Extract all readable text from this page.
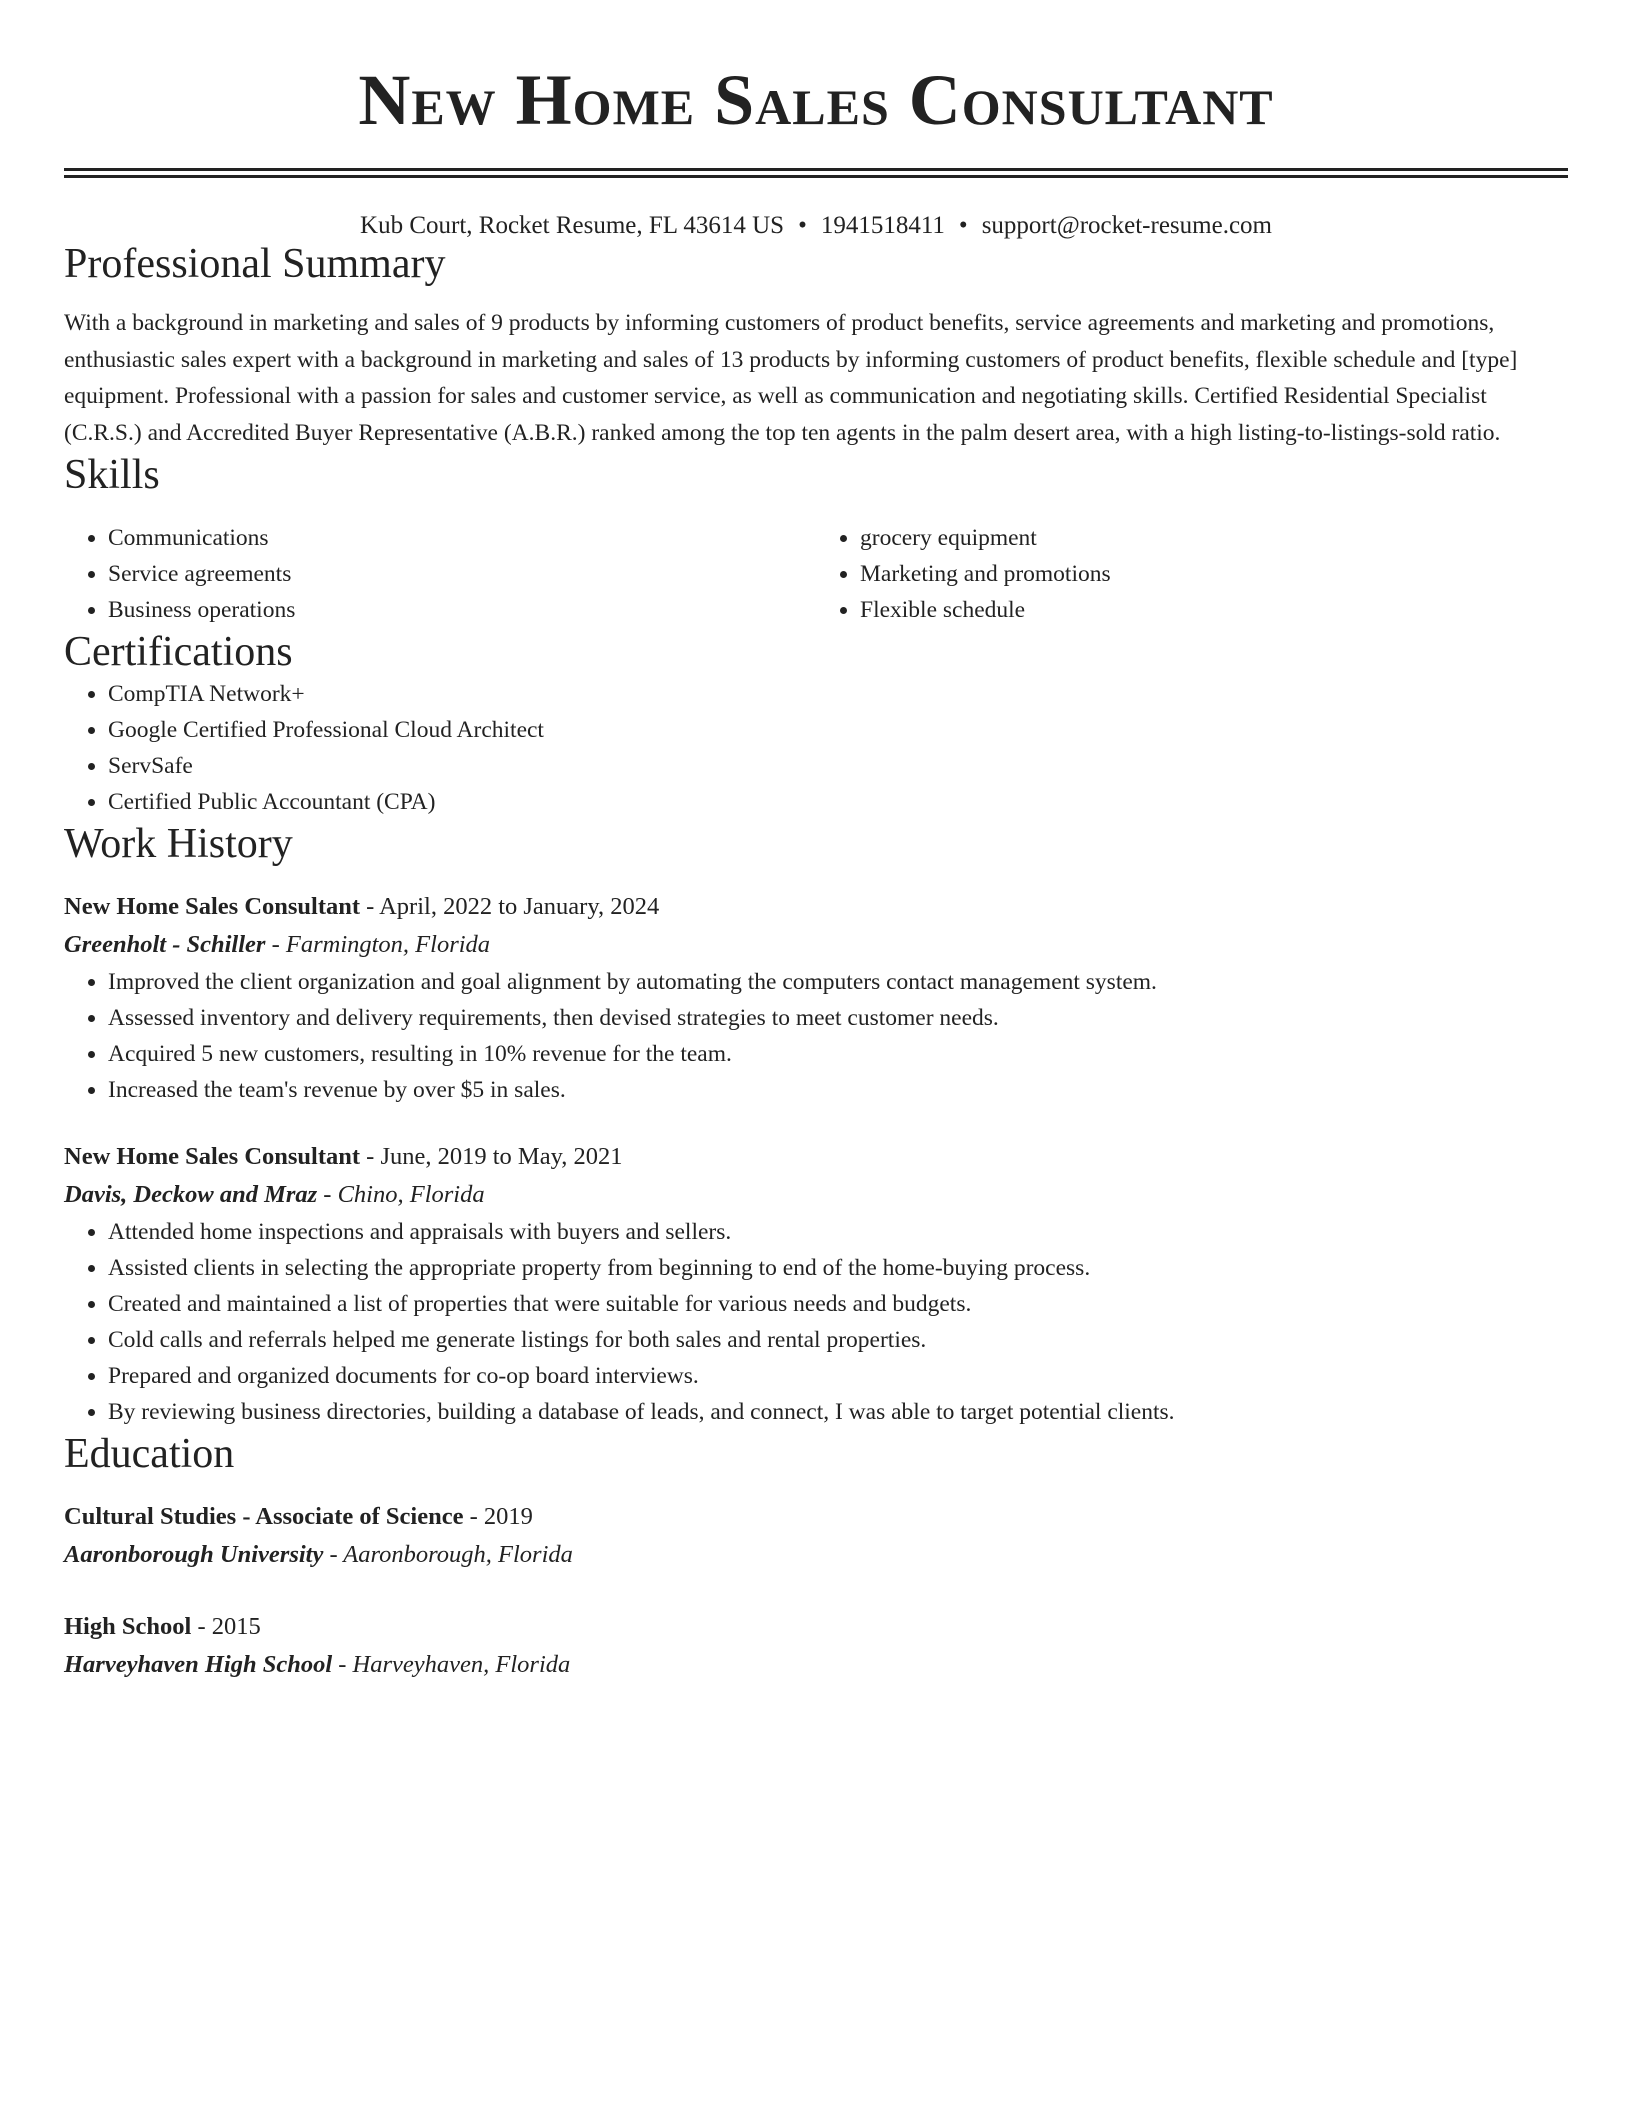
New Home Sales Consultant
Kub Court, Rocket Resume, FL 43614 US • 1941518411 • support@rocket-resume.com
Professional Summary
With a background in marketing and sales of 9 products by informing customers of product benefits, service agreements and marketing and promotions, enthusiastic sales expert with a background in marketing and sales of 13 products by informing customers of product benefits, flexible schedule and [type] equipment. Professional with a passion for sales and customer service, as well as communication and negotiating skills. Certified Residential Specialist (C.R.S.) and Accredited Buyer Representative (A.B.R.) ranked among the top ten agents in the palm desert area, with a high listing-to-listings-sold ratio.
Skills
• Communications
• Service agreements
• Business operations
• grocery equipment
• Marketing and promotions
• Flexible schedule
Certifications
• CompTIA Network+
• Google Certified Professional Cloud Architect
• ServSafe
• Certified Public Accountant (CPA)
Work History
New Home Sales Consultant - April, 2022 to January, 2024
Greenholt - Schiller - Farmington, Florida
• Improved the client organization and goal alignment by automating the computers contact management system.
• Assessed inventory and delivery requirements, then devised strategies to meet customer needs.
• Acquired 5 new customers, resulting in 10% revenue for the team.
• Increased the team's revenue by over $5 in sales.
New Home Sales Consultant - June, 2019 to May, 2021
Davis, Deckow and Mraz - Chino, Florida
• Attended home inspections and appraisals with buyers and sellers.
• Assisted clients in selecting the appropriate property from beginning to end of the home-buying process.
• Created and maintained a list of properties that were suitable for various needs and budgets.
• Cold calls and referrals helped me generate listings for both sales and rental properties.
• Prepared and organized documents for co-op board interviews.
• By reviewing business directories, building a database of leads, and connect, I was able to target potential clients.
Education
Cultural Studies - Associate of Science - 2019
Aaronborough University - Aaronborough, Florida
High School - 2015
Harveyhaven High School - Harveyhaven, Florida
